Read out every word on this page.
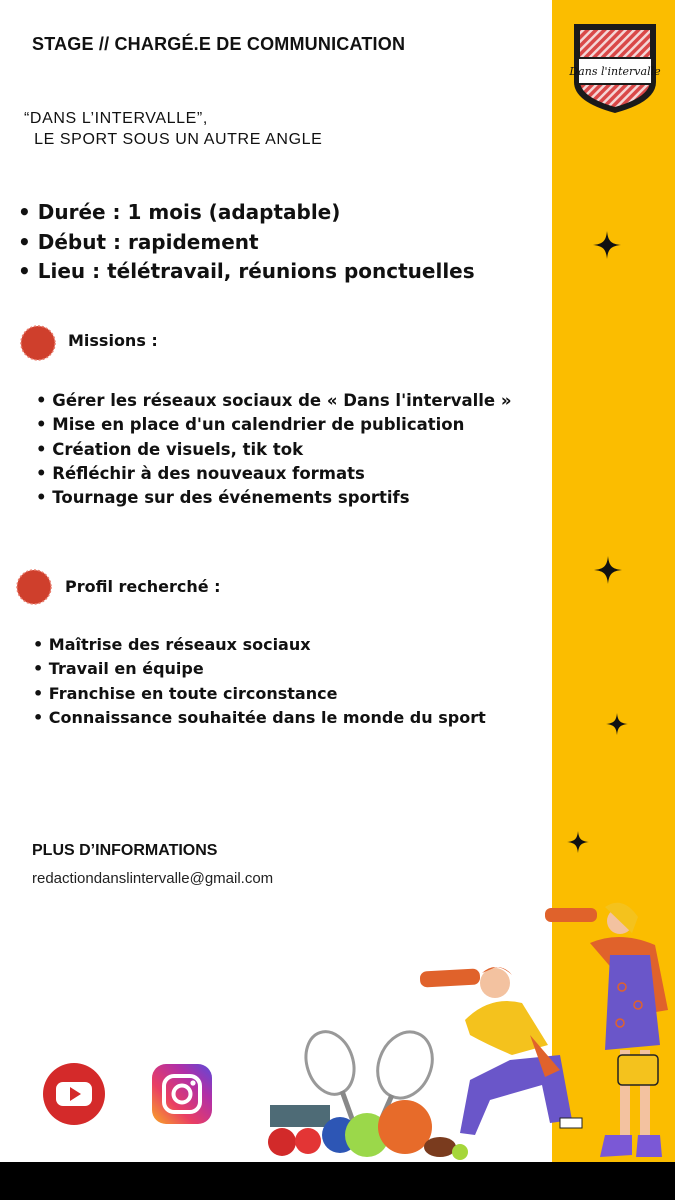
Dans l'intervalle
STAGE // CHARGÉ.E DE COMMUNICATION
“DANS L’INTERVALLE”,
LE SPORT SOUS UN AUTRE ANGLE
• Durée : 1 mois (adaptable)
• Début : rapidement
• Lieu : télétravail, réunions ponctuelles
Missions :
• Gérer les réseaux sociaux de « Dans l'intervalle »
• Mise en place d'un calendrier de publication
• Création de visuels, tik tok
• Réfléchir à des nouveaux formats
• Tournage sur des événements sportifs
Profil recherché :
• Maîtrise des réseaux sociaux
• Travail en équipe
• Franchise en toute circonstance
• Connaissance souhaitée dans le monde du sport
PLUS D’INFORMATIONS
redactiondanslintervalle@gmail.com
